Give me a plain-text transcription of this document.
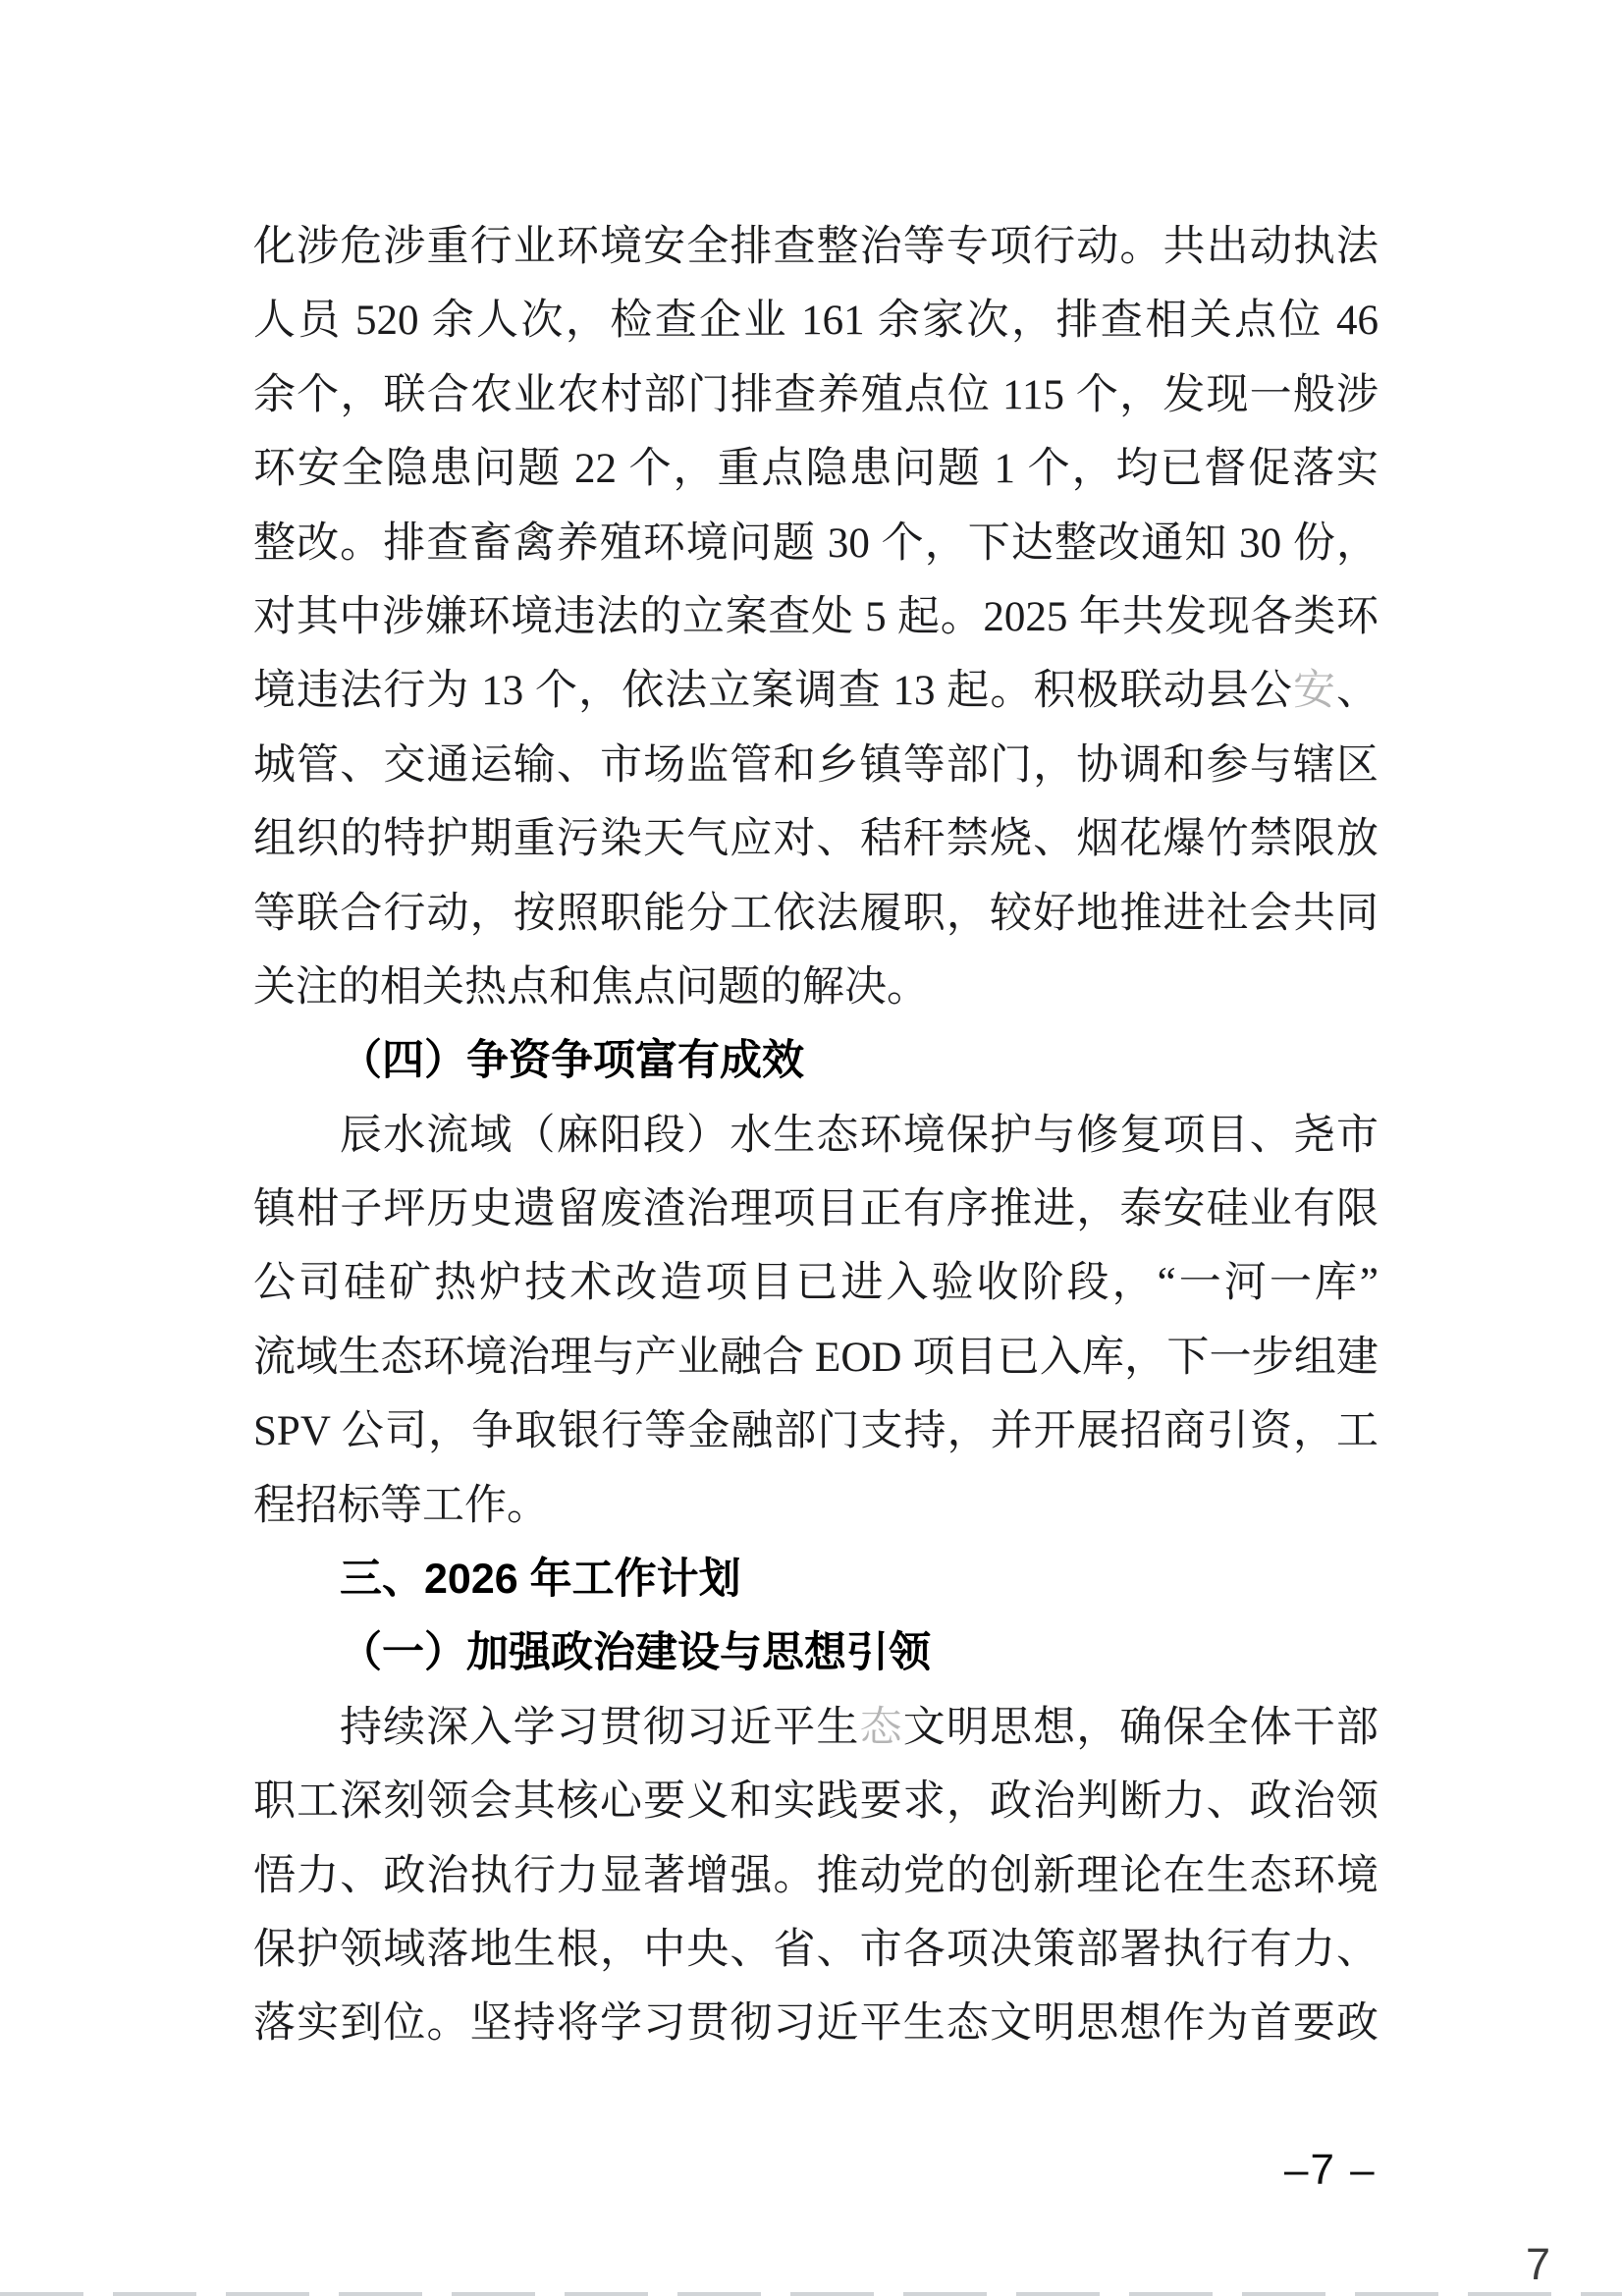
化涉危涉重行业环境安全排查整治等专项行动。共出动执法
人员 520 余人次，检查企业 161 余家次，排查相关点位 46
余个，联合农业农村部门排查养殖点位 115 个，发现一般涉
环安全隐患问题 22 个，重点隐患问题 1 个，均已督促落实
整改。排查畜禽养殖环境问题 30 个，下达整改通知 30 份，
对其中涉嫌环境违法的立案查处 5 起。2025 年共发现各类环
境违法行为 13 个，依法立案调查 13 起。积极联动县公安、
城管、交通运输、市场监管和乡镇等部门，协调和参与辖区
组织的特护期重污染天气应对、秸秆禁烧、烟花爆竹禁限放
等联合行动，按照职能分工依法履职，较好地推进社会共同
关注的相关热点和焦点问题的解决。
（四）争资争项富有成效
辰水流域（麻阳段）水生态环境保护与修复项目、尧市
镇柑子坪历史遗留废渣治理项目正有序推进，泰安硅业有限
公司硅矿热炉技术改造项目已进入验收阶段，“一河一库”
流域生态环境治理与产业融合 EOD 项目已入库，下一步组建
SPV 公司，争取银行等金融部门支持，并开展招商引资，工
程招标等工作。
三、2026 年工作计划
（一）加强政治建设与思想引领
持续深入学习贯彻习近平生态文明思想，确保全体干部
职工深刻领会其核心要义和实践要求，政治判断力、政治领
悟力、政治执行力显著增强。推动党的创新理论在生态环境
保护领域落地生根，中央、省、市各项决策部署执行有力、
落实到位。坚持将学习贯彻习近平生态文明思想作为首要政
–7 –
7
